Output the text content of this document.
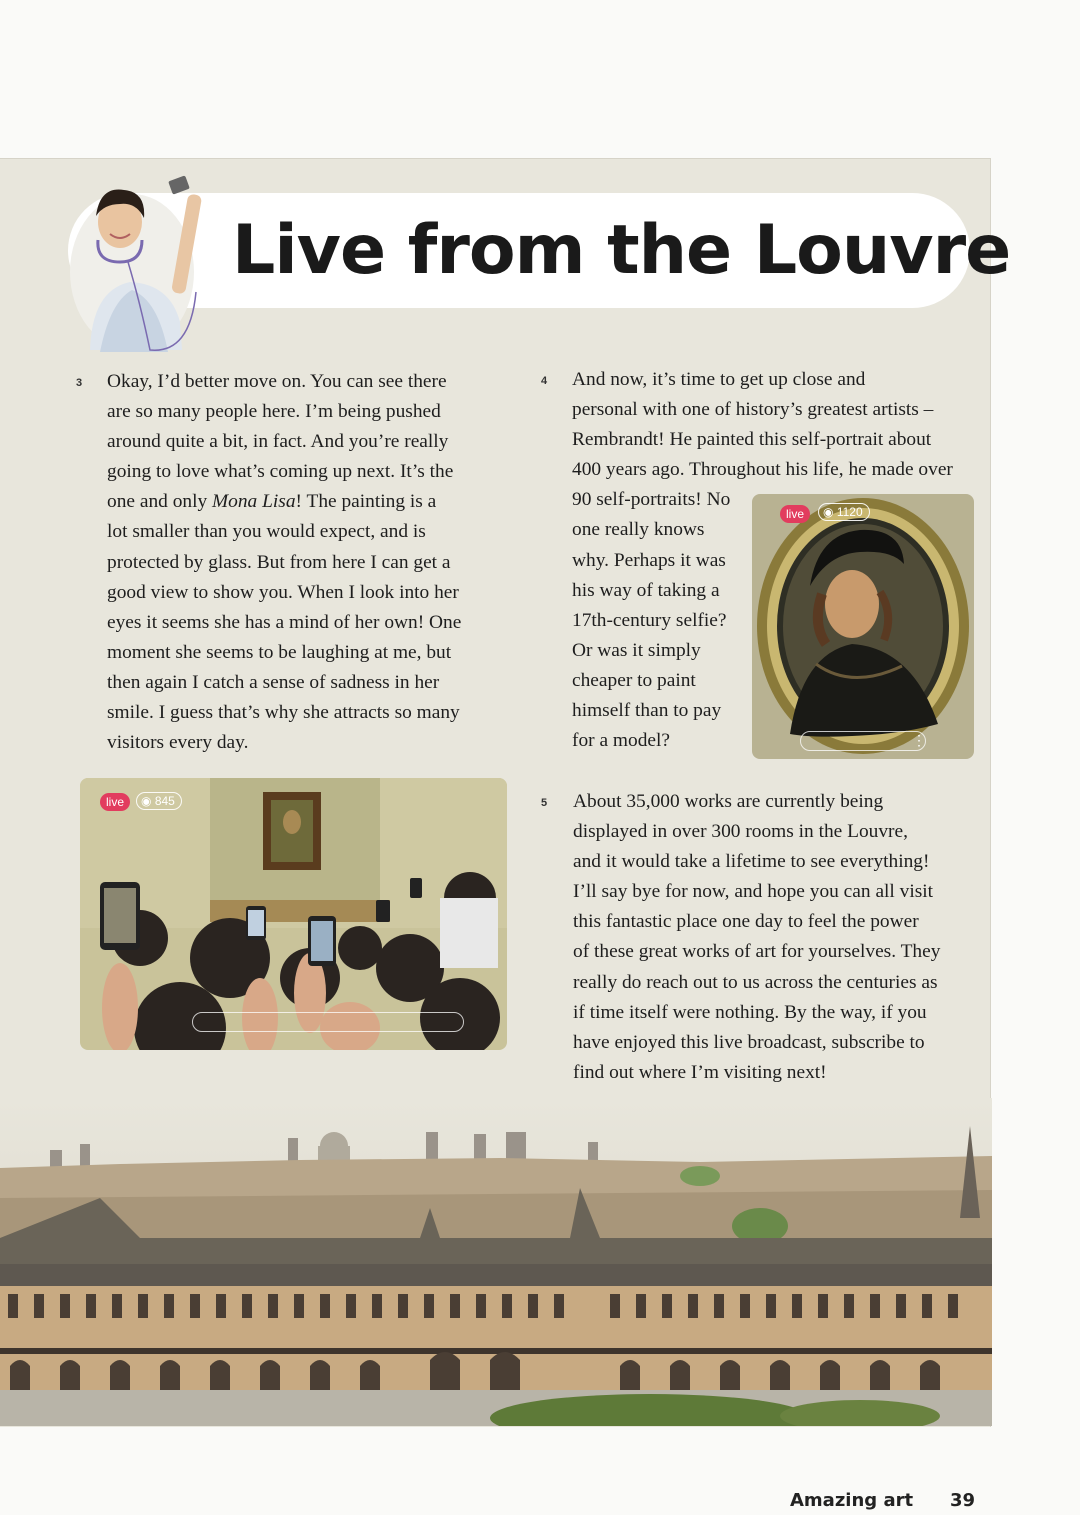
Live from the Louvre
3 Okay, I’d better move on. You can see there
are so many people here. I’m being pushed
around quite a bit, in fact. And you’re really
going to love what’s coming up next. It’s the
one and only Mona Lisa! The painting is a
lot smaller than you would expect, and is
protected by glass. But from here I can get a
good view to show you. When I look into her
eyes it seems she has a mind of her own! One
moment she seems to be laughing at me, but
then again I catch a sense of sadness in her
smile. I guess that’s why she attracts so many
visitors every day.
live	◉ 845
4 And now, it’s time to get up close and
personal with one of history’s greatest artists –
Rembrandt! He painted this self-portrait about
400 years ago. Throughout his life, he made over
90 self-portraits! No
one really knows
why. Perhaps it was
his way of taking a
17th-century selfie?
Or was it simply
cheaper to paint
himself than to pay
for a model?
live	◉ 1120
⋮
5 About 35,000 works are currently being
displayed in over 300 rooms in the Louvre,
and it would take a lifetime to see everything!
I’ll say bye for now, and hope you can all visit
this fantastic place one day to feel the power
of these great works of art for yourselves. They
really do reach out to us across the centuries as
if time itself were nothing. By the way, if you
have enjoyed this live broadcast, subscribe to
find out where I’m visiting next!
Amazing art 39
